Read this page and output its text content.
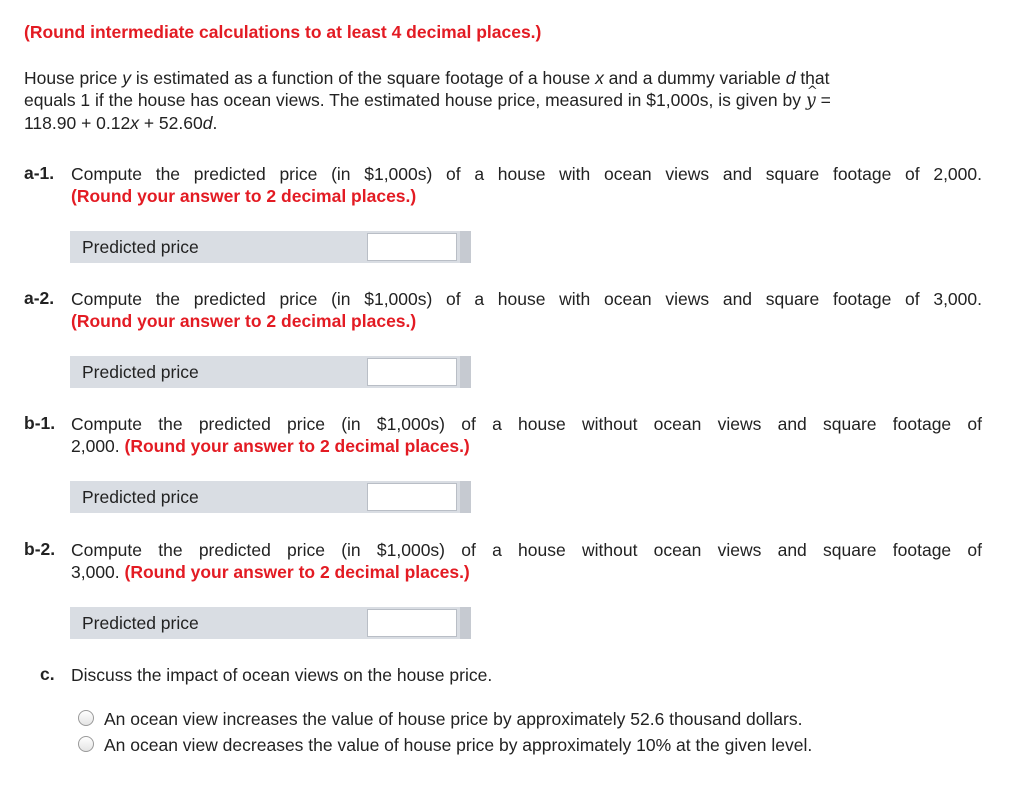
(Round intermediate calculations to at least 4 decimal places.)
House price y is estimated as a function of the square footage of a house x and a dummy variable d that
equals 1 if the house has ocean views. The estimated house price, measured in $1,000s, is given by y ^ =
118.90 + 0.12x + 52.60d.
a-1. Compute the predicted price (in $1,000s) of a house with ocean views and square footage of 2,000.
(Round your answer to 2 decimal places.)
Predicted price
a-2. Compute the predicted price (in $1,000s) of a house with ocean views and square footage of 3,000.
(Round your answer to 2 decimal places.)
Predicted price
b-1. Compute the predicted price (in $1,000s) of a house without ocean views and square footage of
2,000. (Round your answer to 2 decimal places.)
Predicted price
b-2. Compute the predicted price (in $1,000s) of a house without ocean views and square footage of
3,000. (Round your answer to 2 decimal places.)
Predicted price
c. Discuss the impact of ocean views on the house price.
An ocean view increases the value of house price by approximately 52.6 thousand dollars.
An ocean view decreases the value of house price by approximately 10% at the given level.
